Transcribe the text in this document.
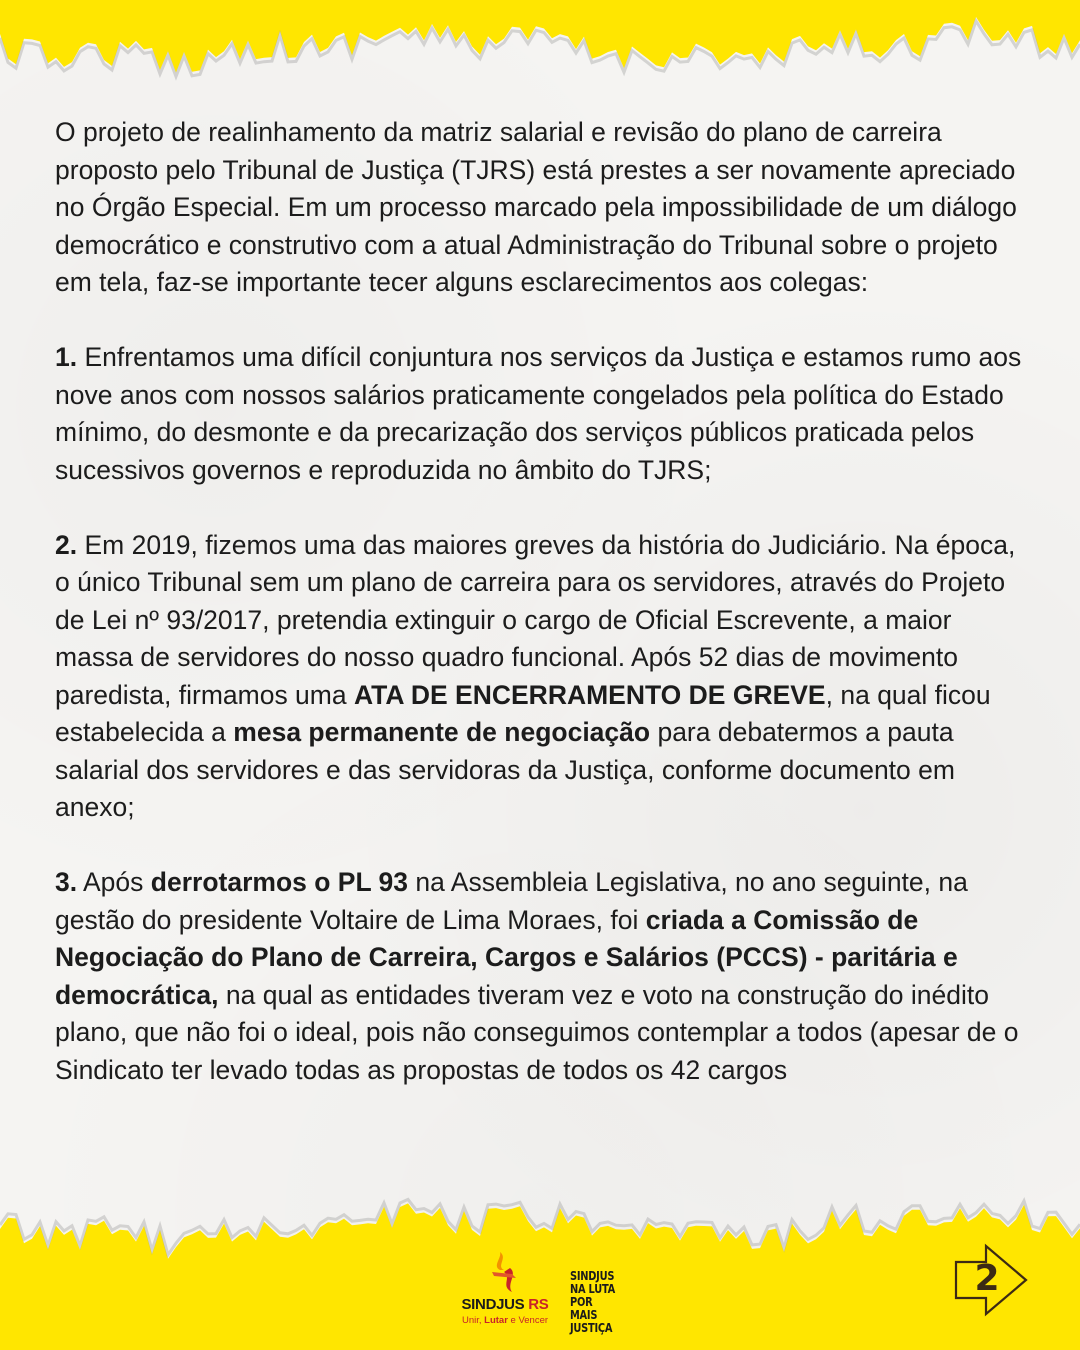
O projeto de realinhamento da matriz salarial e revisão do plano de carreira proposto pelo Tribunal de Justiça (TJRS) está prestes a ser novamente apreciado no Órgão Especial. Em um processo marcado pela impossibilidade de um diálogo democrático e construtivo com a atual Administração do Tribunal sobre o projeto em tela, faz-se importante tecer alguns esclarecimentos aos colegas:

1. Enfrentamos uma difícil conjuntura nos serviços da Justiça e estamos rumo aos nove anos com nossos salários praticamente congelados pela política do Estado mínimo, do desmonte e da precarização dos serviços públicos praticada pelos sucessivos governos e reproduzida no âmbito do TJRS;

2. Em 2019, fizemos uma das maiores greves da história do Judiciário. Na época, o único Tribunal sem um plano de carreira para os servidores, através do Projeto de Lei nº 93/2017, pretendia extinguir o cargo de Oficial Escrevente, a maior massa de servidores do nosso quadro funcional. Após 52 dias de movimento paredista, firmamos uma ATA DE ENCERRAMENTO DE GREVE, na qual ficou estabelecida a mesa permanente de negociação para debatermos a pauta salarial dos servidores e das servidoras da Justiça, conforme documento em anexo;

3. Após derrotarmos o PL 93 na Assembleia Legislativa, no ano seguinte, na gestão do presidente Voltaire de Lima Moraes, foi criada a Comissão de Negociação do Plano de Carreira, Cargos e Salários (PCCS) - paritária e democrática, na qual as entidades tiveram vez e voto na construção do inédito plano, que não foi o ideal, pois não conseguimos contemplar a todos (apesar de o Sindicato ter levado todas as propostas de todos os 42 cargos

SINDJUS RS
Unir, Lutar e Vencer
SINDJUS
NA LUTA
POR MAIS
JUSTIÇA
2
